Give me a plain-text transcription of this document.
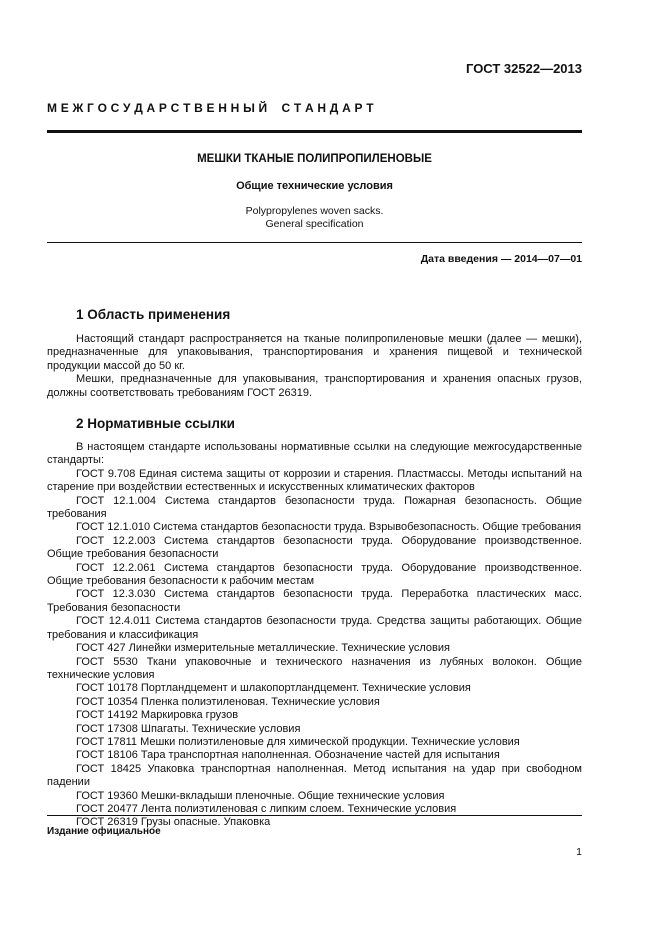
ГОСТ 32522—2013
М Е Ж Г О С У Д А Р С Т В Е Н Н Ы Й    С Т А Н Д А Р Т
МЕШКИ ТКАНЫЕ ПОЛИПРОПИЛЕНОВЫЕ
Общие технические условия
Polypropylenes woven sacks.
General specification
Дата введения — 2014—07—01
1 Область применения

Настоящий стандарт распространяется на тканые полипропиленовые мешки (далее — мешки), предназначенные для упаковывания, транспортирования и хранения пищевой и технической продукции массой до 50 кг.

Мешки, предназначенные для упаковывания, транспортирования и хранения опасных грузов, должны соответствовать требованиям ГОСТ 26319.

2 Нормативные ссылки

В настоящем стандарте использованы нормативные ссылки на следующие межгосударственные стандарты:

ГОСТ 9.708 Единая система защиты от коррозии и старения. Пластмассы. Методы испытаний на старение при воздействии естественных и искусственных климатических факторов

ГОСТ 12.1.004 Система стандартов безопасности труда. Пожарная безопасность. Общие требования

ГОСТ 12.1.010 Система стандартов безопасности труда. Взрывобезопасность. Общие требования

ГОСТ 12.2.003 Система стандартов безопасности труда. Оборудование производственное. Общие требования безопасности

ГОСТ 12.2.061 Система стандартов безопасности труда. Оборудование производственное. Общие требования безопасности к рабочим местам

ГОСТ 12.3.030 Система стандартов безопасности труда. Переработка пластических масс. Требования безопасности

ГОСТ 12.4.011 Система стандартов безопасности труда. Средства защиты работающих. Общие требования и классификация

ГОСТ 427 Линейки измерительные металлические. Технические условия

ГОСТ 5530 Ткани упаковочные и технического назначения из лубяных волокон. Общие технические условия

ГОСТ 10178 Портландцемент и шлакопортландцемент. Технические условия

ГОСТ 10354 Пленка полиэтиленовая. Технические условия

ГОСТ 14192 Маркировка грузов

ГОСТ 17308 Шпагаты. Технические условия

ГОСТ 17811 Мешки полиэтиленовые для химической продукции. Технические условия

ГОСТ 18106 Тара транспортная наполненная. Обозначение частей для испытания

ГОСТ 18425 Упаковка транспортная наполненная. Метод испытания на удар при свободном падении

ГОСТ 19360 Мешки-вкладыши пленочные. Общие технические условия

ГОСТ 20477 Лента полиэтиленовая с липким слоем. Технические условия

ГОСТ 26319 Грузы опасные. Упаковка

Издание официальное
1
